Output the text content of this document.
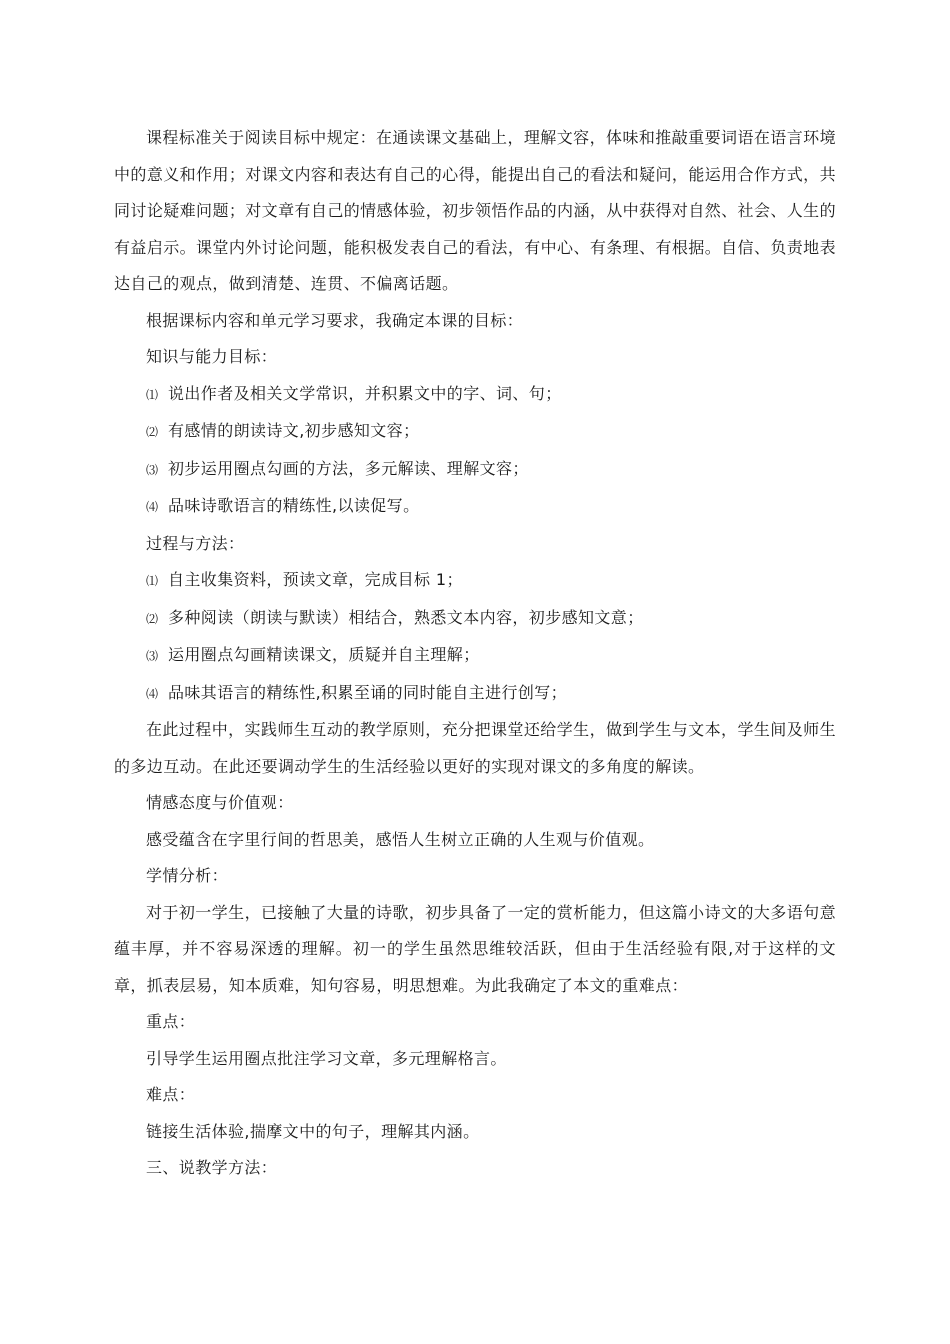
课程标准关于阅读目标中规定：在通读课文基础上，理解文容，体味和推敲重要词语在语言环境中的意义和作用；对课文内容和表达有自己的心得，能提出自己的看法和疑问，能运用合作方式，共同讨论疑难问题；对文章有自己的情感体验，初步领悟作品的内涵，从中获得对自然、社会、人生的有益启示。课堂内外讨论问题，能积极发表自己的看法，有中心、有条理、有根据。自信、负责地表达自己的观点，做到清楚、连贯、不偏离话题。

根据课标内容和单元学习要求，我确定本课的目标：

知识与能力目标：

⑴ 说出作者及相关文学常识，并积累文中的字、词、句；

⑵ 有感情的朗读诗文,初步感知文容；

⑶ 初步运用圈点勾画的方法，多元解读、理解文容；

⑷ 品味诗歌语言的精练性,以读促写。

过程与方法：

⑴ 自主收集资料，预读文章，完成目标 1；

⑵ 多种阅读（朗读与默读）相结合，熟悉文本内容，初步感知文意；

⑶ 运用圈点勾画精读课文，质疑并自主理解；

⑷ 品味其语言的精练性,积累至诵的同时能自主进行创写；

在此过程中，实践师生互动的教学原则，充分把课堂还给学生，做到学生与文本，学生间及师生的多边互动。在此还要调动学生的生活经验以更好的实现对课文的多角度的解读。

情感态度与价值观：

感受蕴含在字里行间的哲思美，感悟人生树立正确的人生观与价值观。

学情分析：

对于初一学生，已接触了大量的诗歌，初步具备了一定的赏析能力，但这篇小诗文的大多语句意蕴丰厚，并不容易深透的理解。初一的学生虽然思维较活跃，但由于生活经验有限,对于这样的文章，抓表层易，知本质难，知句容易，明思想难。为此我确定了本文的重难点：

重点：

引导学生运用圈点批注学习文章，多元理解格言。

难点：

链接生活体验,揣摩文中的句子，理解其内涵。

三、说教学方法：
